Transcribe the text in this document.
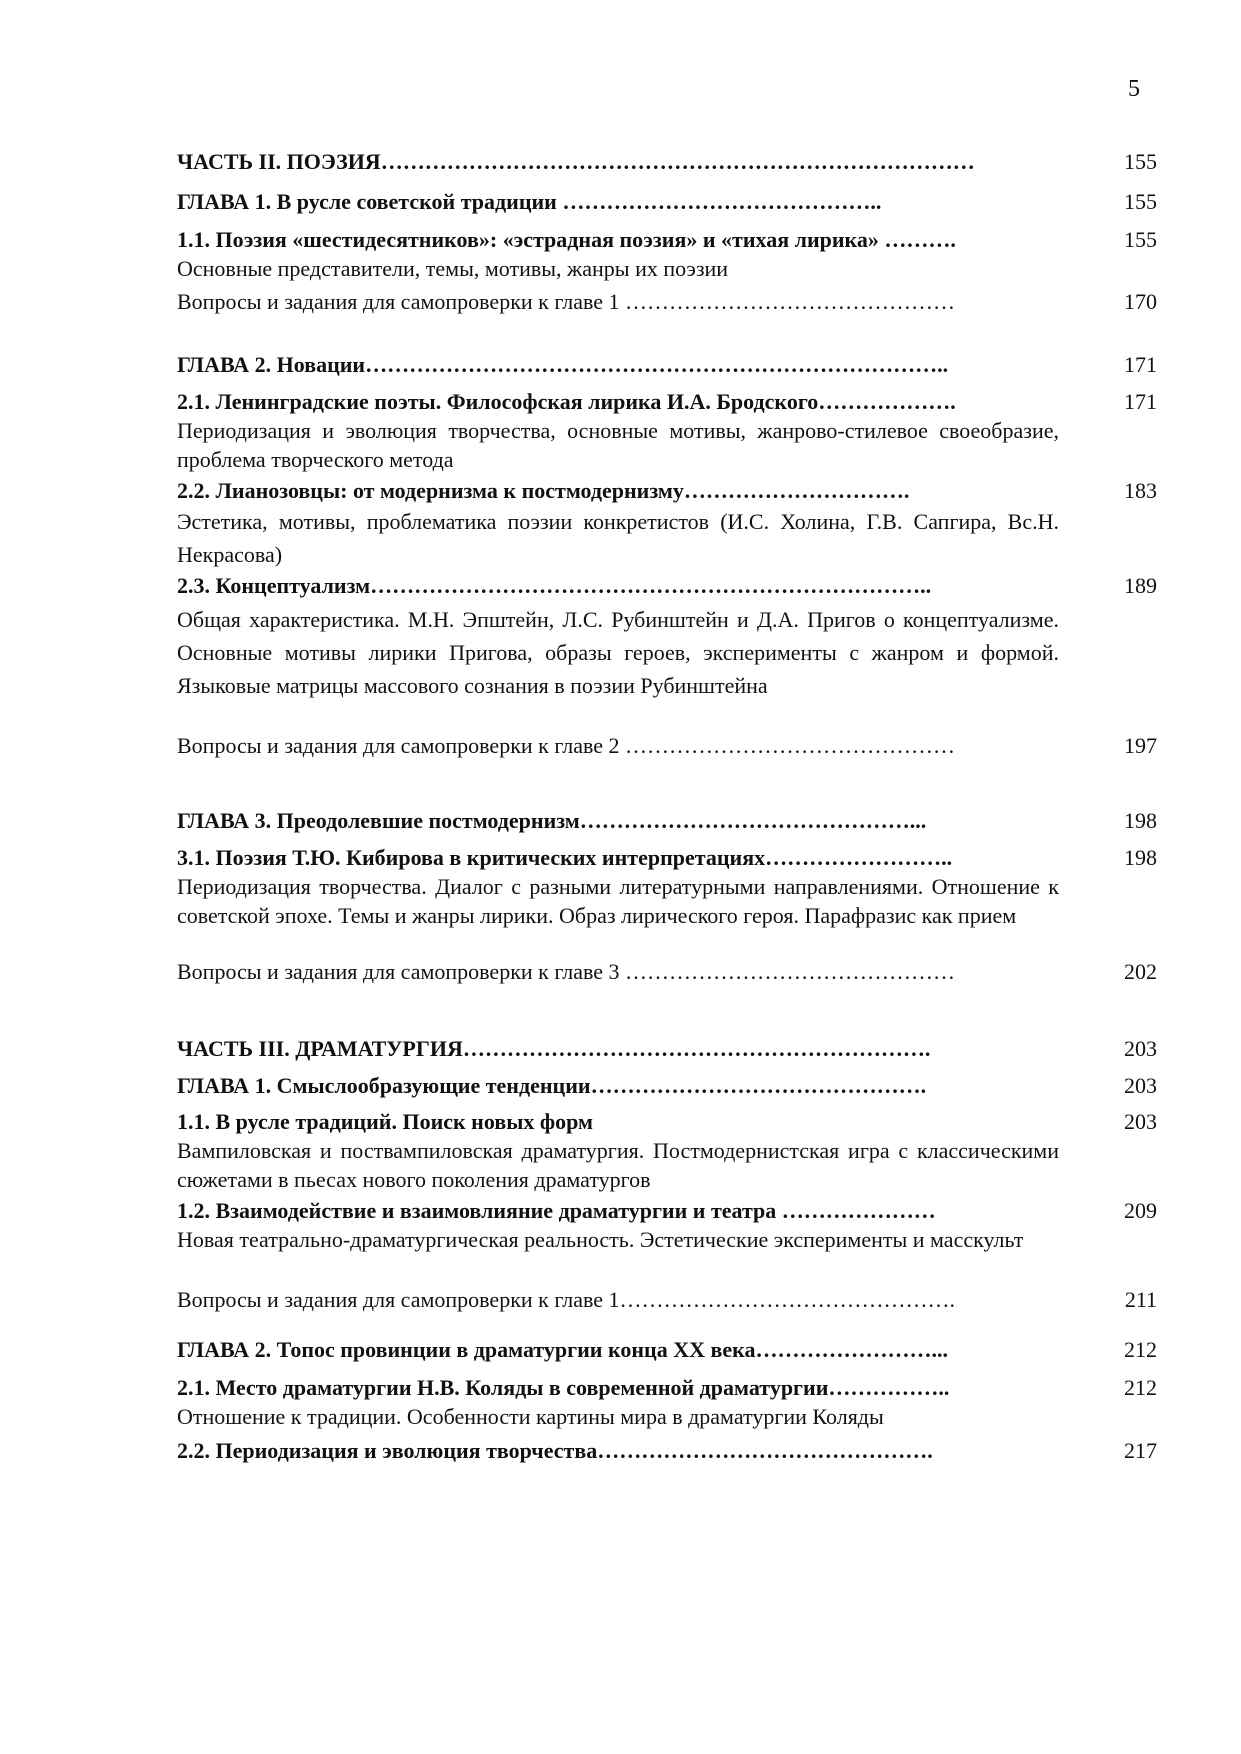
5
ЧАСТЬ II. ПОЭЗИЯ………………………………………………………………………	155
ГЛАВА 1. В русле советской традиции ……………………………………..	155
1.1. Поэзия «шестидесятников»: «эстрадная поэзия» и «тихая лирика» ……….	155
Основные представители, темы, мотивы, жанры их поэзии
Вопросы и задания для самопроверки к главе 1 ………………………………………	170
ГЛАВА 2. Новации……………………………………………………………………..	171
2.1. Ленинградские поэты. Философская лирика И.А. Бродского……………….	171
Периодизация и эволюция творчества, основные мотивы, жанрово-стилевое своеобразие, проблема творческого метода
2.2. Лианозовцы: от модернизма к постмодернизму………………………….	183
Эстетика, мотивы, проблематика поэзии конкретистов (И.С. Холина, Г.В. Сапгира, Вс.Н. Некрасова)
2.3. Концептуализм…………………………………………………………………..	189
Общая характеристика. М.Н. Эпштейн, Л.С. Рубинштейн и Д.А. Пригов о концептуализме. Основные мотивы лирики Пригова, образы героев, эксперименты с жанром и формой. Языковые матрицы массового сознания в поэзии Рубинштейна
Вопросы и задания для самопроверки к главе 2 ………………………………………	197
ГЛАВА 3. Преодолевшие постмодернизм………………………………………...	198
3.1. Поэзия Т.Ю. Кибирова в критических интерпретациях……………………..	198
Периодизация творчества. Диалог с разными литературными направлениями. Отношение к советской эпохе. Темы и жанры лирики. Образ лирического героя. Парафразис как прием
Вопросы и задания для самопроверки к главе 3 ………………………………………	202
ЧАСТЬ III. ДРАМАТУРГИЯ……………………………………………………….	203
ГЛАВА 1. Смыслообразующие тенденции……………………………………….	203
1.1. В русле традиций. Поиск новых форм	203
Вампиловская и поствампиловская драматургия. Постмодернистская игра с классическими сюжетами в пьесах нового поколения драматургов
1.2. Взаимодействие и взаимовлияние драматургии и театра …………………	209
Новая театрально-драматургическая реальность. Эстетические эксперименты и масскульт
Вопросы и задания для самопроверки к главе 1……………………………………….	211
ГЛАВА 2. Топос провинции в драматургии конца XX века……………………...	212
2.1. Место драматургии Н.В. Коляды в современной драматургии……………..	212
Отношение к традиции. Особенности картины мира в драматургии Коляды
2.2. Периодизация и эволюция творчества……………………………………….	217
